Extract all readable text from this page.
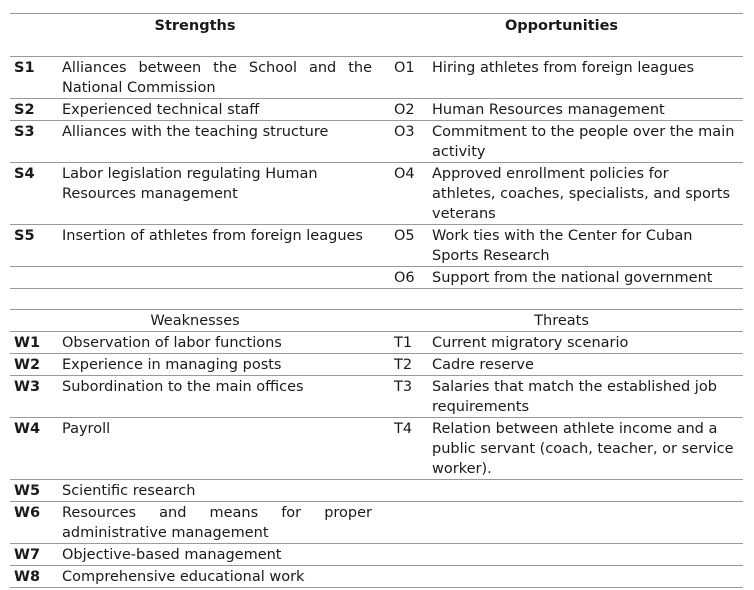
Strengths		Opportunities	
S1	Alliances between the School and the National Commission	O1	Hiring athletes from foreign leagues
S2	Experienced technical staff	O2	Human Resources management
S3	Alliances with the teaching structure	O3	Commitment to the people over the main activity
S4	Labor legislation regulating Human Resources management	O4	Approved enrollment policies for athletes, coaches, specialists, and sports veterans
S5	Insertion of athletes from foreign leagues	O5	Work ties with the Center for Cuban Sports Research
		O6	Support from the national government

Weaknesses		Threats	
W1	Observation of labor functions	T1	Current migratory scenario
W2	Experience in managing posts	T2	Cadre reserve
W3	Subordination to the main offices	T3	Salaries that match the established job requirements
W4	Payroll	T4	Relation between athlete income and a public servant (coach, teacher, or service worker).
W5	Scientific research		
W6	Resources and means for proper administrative management		
W7	Objective-based management		
W8	Comprehensive educational work		
